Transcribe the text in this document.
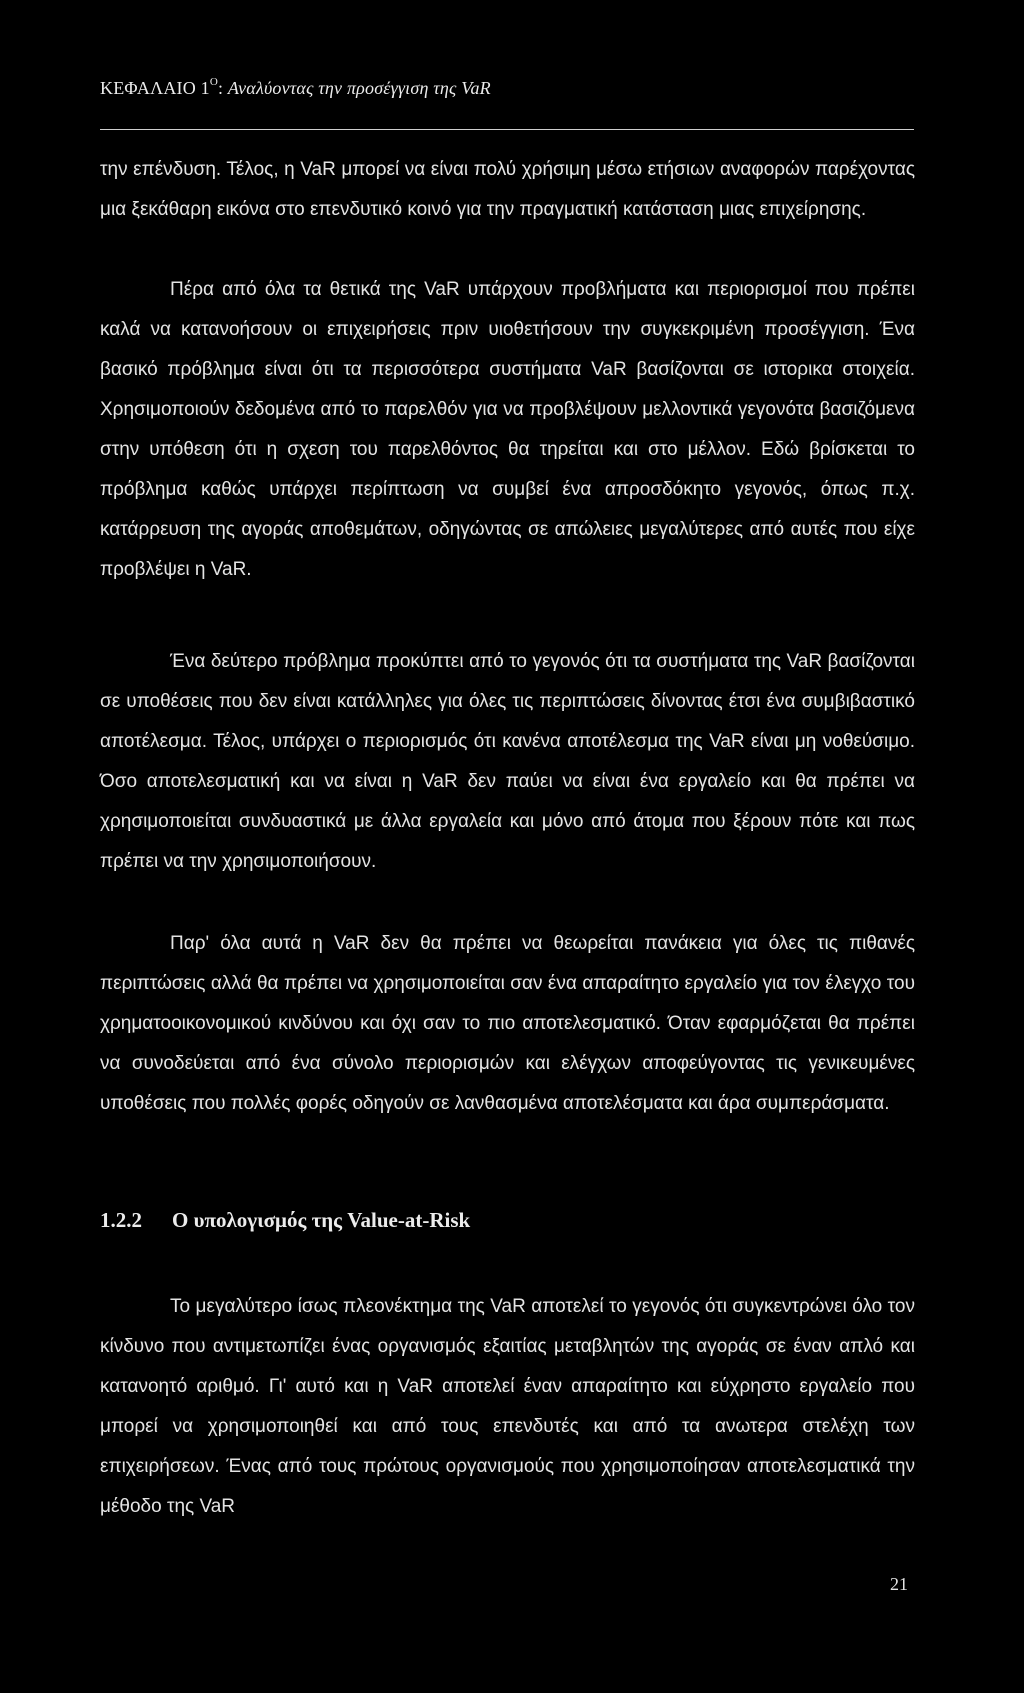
ΚΕΦΑΛΑΙΟ $1^O$: Αναλύοντας την προσέγγιση της VaR

την επένδυση. Τέλος, η VaR μπορεί να είναι πολύ χρήσιμη μέσω ετήσιων αναφορών παρέχοντας μια ξεκάθαρη εικόνα στο επενδυτικό κοινό για την πραγματική κατάσταση μιας επιχείρησης.

Πέρα από όλα τα θετικά της VaR υπάρχουν προβλήματα και περιορισμοί που πρέπει καλά να κατανοήσουν οι επιχειρήσεις πριν υιοθετήσουν την συγκεκριμένη προσέγγιση. Ένα βασικό πρόβλημα είναι ότι τα περισσότερα συστήματα VaR βασίζονται σε ιστορικα στοιχεία. Χρησιμοποιούν δεδομένα από το παρελθόν για να προβλέψουν μελλοντικά γεγονότα βασιζόμενα στην υπόθεση ότι η σχεση του παρελθόντος θα τηρείται και στο μέλλον. Εδώ βρίσκεται το πρόβλημα καθώς υπάρχει περίπτωση να συμβεί ένα απροσδόκητο γεγονός, όπως π.χ. κατάρρευση της αγοράς αποθεμάτων, οδηγώντας σε απώλειες μεγαλύτερες από αυτές που είχε προβλέψει η VaR.

Ένα δεύτερο πρόβλημα προκύπτει από το γεγονός ότι τα συστήματα της VaR βασίζονται σε υποθέσεις που δεν είναι κατάλληλες για όλες τις περιπτώσεις δίνοντας έτσι ένα συμβιβαστικό αποτέλεσμα. Τέλος, υπάρχει ο περιορισμός ότι κανένα αποτέλεσμα της VaR είναι μη νοθεύσιμο. Όσο αποτελεσματική και να είναι η VaR δεν παύει να είναι ένα εργαλείο και θα πρέπει να χρησιμοποιείται συνδυαστικά με άλλα εργαλεία και μόνο από άτομα που ξέρουν πότε και πως πρέπει να την χρησιμοποιήσουν.

Παρ' όλα αυτά η VaR δεν θα πρέπει να θεωρείται πανάκεια για όλες τις πιθανές περιπτώσεις αλλά θα πρέπει να χρησιμοποιείται σαν ένα απαραίτητο εργαλείο για τον έλεγχο του χρηματοοικονομικού κινδύνου και όχι σαν το πιο αποτελεσματικό. Όταν εφαρμόζεται θα πρέπει να συνοδεύεται από ένα σύνολο περιορισμών και ελέγχων αποφεύγοντας τις γενικευμένες υποθέσεις που πολλές φορές οδηγούν σε λανθασμένα αποτελέσματα και άρα συμπεράσματα.

1.2.2 Ο υπολογισμός της Value-at-Risk

Το μεγαλύτερο ίσως πλεονέκτημα της VaR αποτελεί το γεγονός ότι συγκεντρώνει όλο τον κίνδυνο που αντιμετωπίζει ένας οργανισμός εξαιτίας μεταβλητών της αγοράς σε έναν απλό και κατανοητό αριθμό. Γι' αυτό και η VaR αποτελεί έναν απαραίτητο και εύχρηστο εργαλείο που μπορεί να χρησιμοποιηθεί και από τους επενδυτές και από τα ανωτερα στελέχη των επιχειρήσεων. Ένας από τους πρώτους οργανισμούς που χρησιμοποίησαν αποτελεσματικά την μέθοδο της VaR

21
